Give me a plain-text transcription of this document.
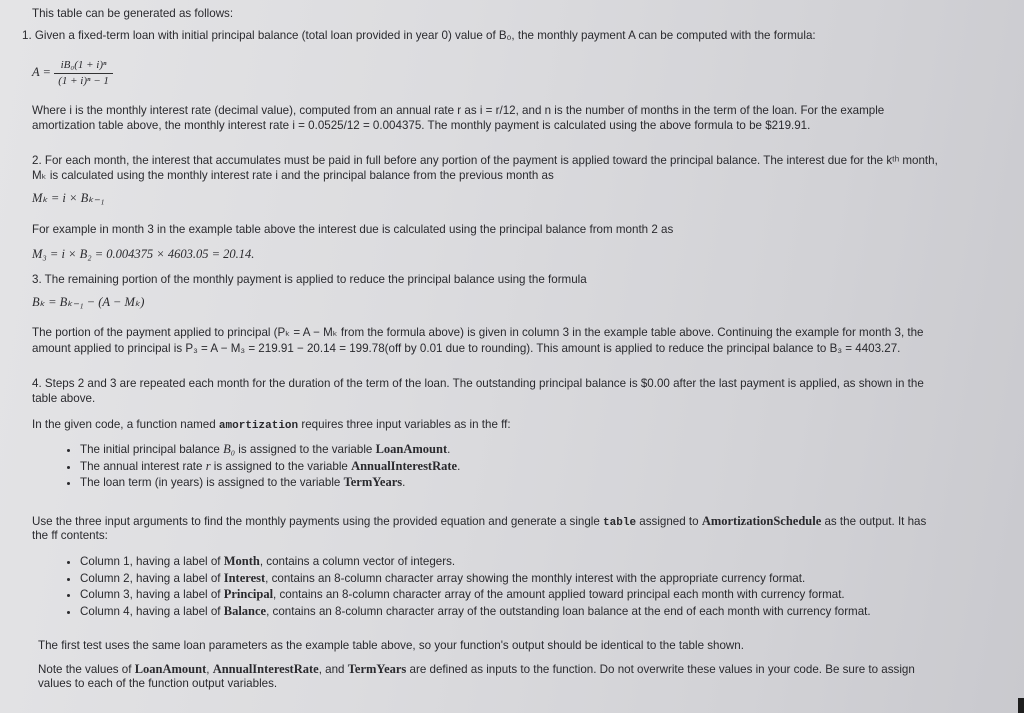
This table can be generated as follows:

1. Given a fixed-term loan with initial principal balance (total loan provided in year 0) value of B₀, the monthly payment A can be computed with the formula:

$A = \frac{\text{iB₀(1 + i)ⁿ}}{\text{(1 + i)ⁿ − 1}}$

Where i is the monthly interest rate (decimal value), computed from an annual rate r as i = r/12, and n is the number of months in the term of the loan. For the example

amortization table above, the monthly interest rate i = 0.0525/12 = 0.004375. The monthly payment is calculated using the above formula to be $219.91.

2. For each month, the interest that accumulates must be paid in full before any portion of the payment is applied toward the principal balance. The interest due for the kᵗʰ month,

Mₖ is calculated using the monthly interest rate i and the principal balance from the previous month as

Mₖ = i × Bₖ₋₁

For example in month 3 in the example table above the interest due is calculated using the principal balance from month 2 as

M₃ = i × B₂ = 0.004375 × 4603.05 = 20.14.

3. The remaining portion of the monthly payment is applied to reduce the principal balance using the formula

Bₖ = Bₖ₋₁ − (A − Mₖ)

The portion of the payment applied to principal (Pₖ = A − Mₖ from the formula above) is given in column 3 in the example table above. Continuing the example for month 3, the

amount applied to principal is P₃ = A − M₃ = 219.91 − 20.14 = 199.78(off by 0.01 due to rounding). This amount is applied to reduce the principal balance to B₃ = 4403.27.

4. Steps 2 and 3 are repeated each month for the duration of the term of the loan. The outstanding principal balance is $0.00 after the last payment is applied, as shown in the

table above.

In the given code, a function named amortization requires three input variables as in the ff:

• The initial principal balance B₀ is assigned to the variable LoanAmount.
• The annual interest rate r is assigned to the variable AnnualInterestRate.
• The loan term (in years) is assigned to the variable TermYears.

Use the three input arguments to find the monthly payments using the provided equation and generate a single table assigned to AmortizationSchedule as the output. It has

the ff contents:

• Column 1, having a label of Month, contains a column vector of integers.
• Column 2, having a label of Interest, contains an 8-column character array showing the monthly interest with the appropriate currency format.
• Column 3, having a label of Principal, contains an 8-column character array of the amount applied toward principal each month with currency format.
• Column 4, having a label of Balance, contains an 8-column character array of the outstanding loan balance at the end of each month with currency format.

The first test uses the same loan parameters as the example table above, so your function's output should be identical to the table shown.

Note the values of LoanAmount, AnnualInterestRate, and TermYears are defined as inputs to the function. Do not overwrite these values in your code. Be sure to assign

values to each of the function output variables.
